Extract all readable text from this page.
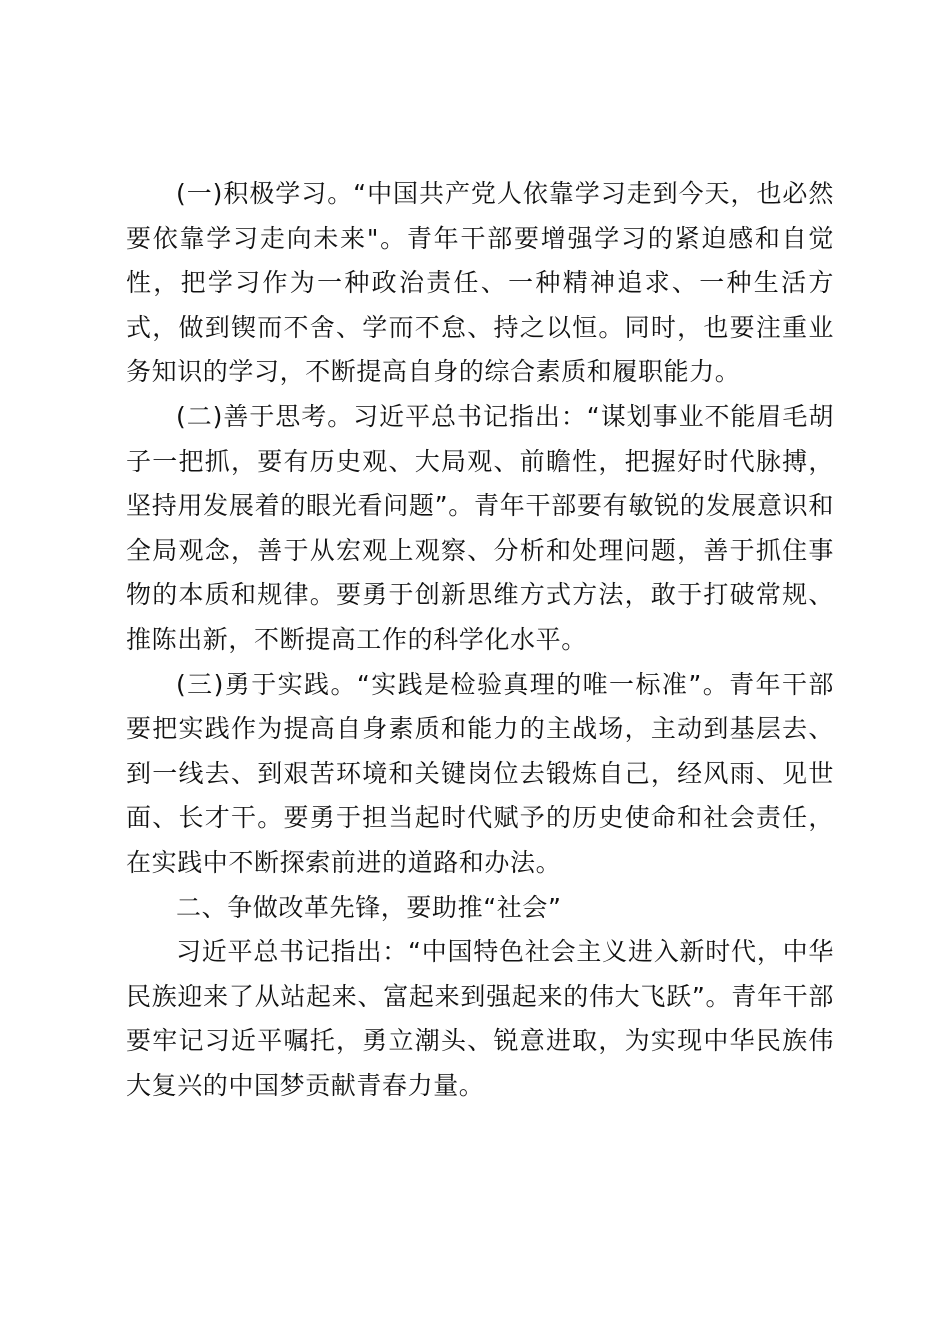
(一)积极学习。“中国共产党人依靠学习走到今天，也必然要依靠学习走向未来"。青年干部要增强学习的紧迫感和自觉性，把学习作为一种政治责任、一种精神追求、一种生活方式，做到锲而不舍、学而不怠、持之以恒。同时，也要注重业务知识的学习，不断提高自身的综合素质和履职能力。

(二)善于思考。习近平总书记指出：“谋划事业不能眉毛胡子一把抓，要有历史观、大局观、前瞻性，把握好时代脉搏，坚持用发展着的眼光看问题”。青年干部要有敏锐的发展意识和全局观念，善于从宏观上观察、分析和处理问题，善于抓住事物的本质和规律。要勇于创新思维方式方法，敢于打破常规、推陈出新，不断提高工作的科学化水平。

(三)勇于实践。“实践是检验真理的唯一标准”。青年干部要把实践作为提高自身素质和能力的主战场，主动到基层去、到一线去、到艰苦环境和关键岗位去锻炼自己，经风雨、见世面、长才干。要勇于担当起时代赋予的历史使命和社会责任，在实践中不断探索前进的道路和办法。

二、争做改革先锋，要助推“社会”

习近平总书记指出：“中国特色社会主义进入新时代，中华民族迎来了从站起来、富起来到强起来的伟大飞跃”。青年干部要牢记习近平嘱托，勇立潮头、锐意进取，为实现中华民族伟大复兴的中国梦贡献青春力量。
